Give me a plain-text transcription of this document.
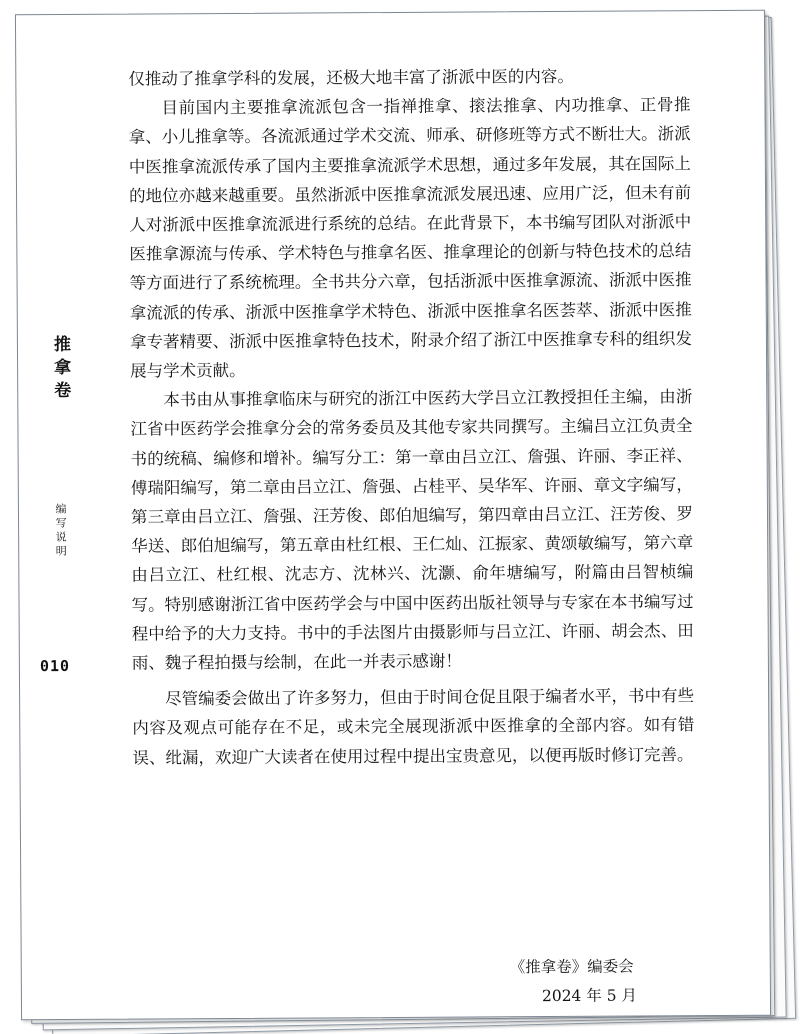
推拿卷
编写说明
010

仅推动了推拿学科的发展，还极大地丰富了浙派中医的内容。

目前国内主要推拿流派包含一指禅推拿、㨰法推拿、内功推拿、正骨推拿、小儿推拿等。各流派通过学术交流、师承、研修班等方式不断壮大。浙派中医推拿流派传承了国内主要推拿流派学术思想，通过多年发展，其在国际上的地位亦越来越重要。虽然浙派中医推拿流派发展迅速、应用广泛，但未有前人对浙派中医推拿流派进行系统的总结。在此背景下，本书编写团队对浙派中医推拿源流与传承、学术特色与推拿名医、推拿理论的创新与特色技术的总结等方面进行了系统梳理。全书共分六章，包括浙派中医推拿源流、浙派中医推拿流派的传承、浙派中医推拿学术特色、浙派中医推拿名医荟萃、浙派中医推拿专著精要、浙派中医推拿特色技术，附录介绍了浙江中医推拿专科的组织发展与学术贡献。

本书由从事推拿临床与研究的浙江中医药大学吕立江教授担任主编，由浙江省中医药学会推拿分会的常务委员及其他专家共同撰写。主编吕立江负责全书的统稿、编修和增补。编写分工：第一章由吕立江、詹强、许丽、李正祥、傅瑞阳编写，第二章由吕立江、詹强、占桂平、吴华军、许丽、章文字编写，第三章由吕立江、詹强、汪芳俊、郎伯旭编写，第四章由吕立江、汪芳俊、罗华送、郎伯旭编写，第五章由杜红根、王仁灿、江振家、黄颂敏编写，第六章由吕立江、杜红根、沈志方、沈林兴、沈灏、俞年塘编写，附篇由吕智桢编写。特别感谢浙江省中医药学会与中国中医药出版社领导与专家在本书编写过程中给予的大力支持。书中的手法图片由摄影师与吕立江、许丽、胡会杰、田雨、魏子程拍摄与绘制，在此一并表示感谢！

尽管编委会做出了许多努力，但由于时间仓促且限于编者水平，书中有些内容及观点可能存在不足，或未完全展现浙派中医推拿的全部内容。如有错误、纰漏，欢迎广大读者在使用过程中提出宝贵意见，以便再版时修订完善。

《推拿卷》编委会
2024 年 5 月
